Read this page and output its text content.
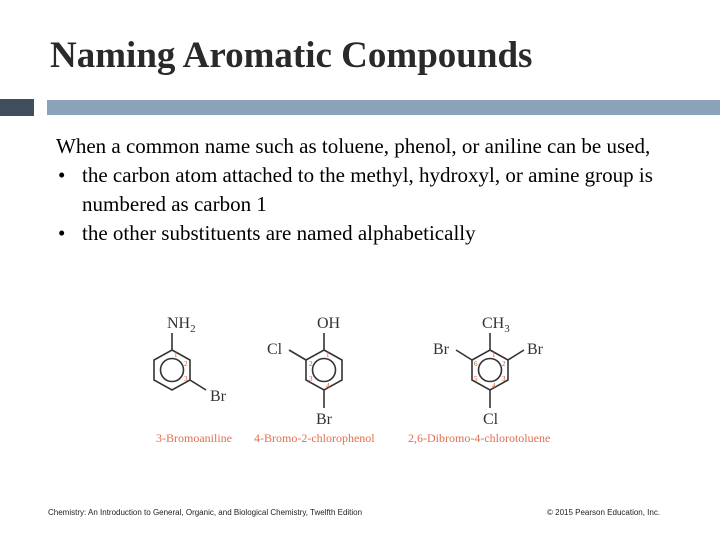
Naming Aromatic Compounds
When a common name such as toluene, phenol, or aniline can be used,
• the carbon atom attached to the methyl, hydroxyl, or amine group is numbered as carbon 1
• the other substituents are named alphabetically
$NH_2$
Br
1
2
3
3-Bromoaniline
OH
Cl
Br
1
2
3
4
4-Bromo-2-chlorophenol
$CH_3$
Br	Br
Cl
1
2
3
4
5
6
2,6-Dibromo-4-chlorotoluene
Chemistry: An Introduction to General, Organic, and Biological Chemistry, Twelfth Edition	© 2015 Pearson Education, Inc.
